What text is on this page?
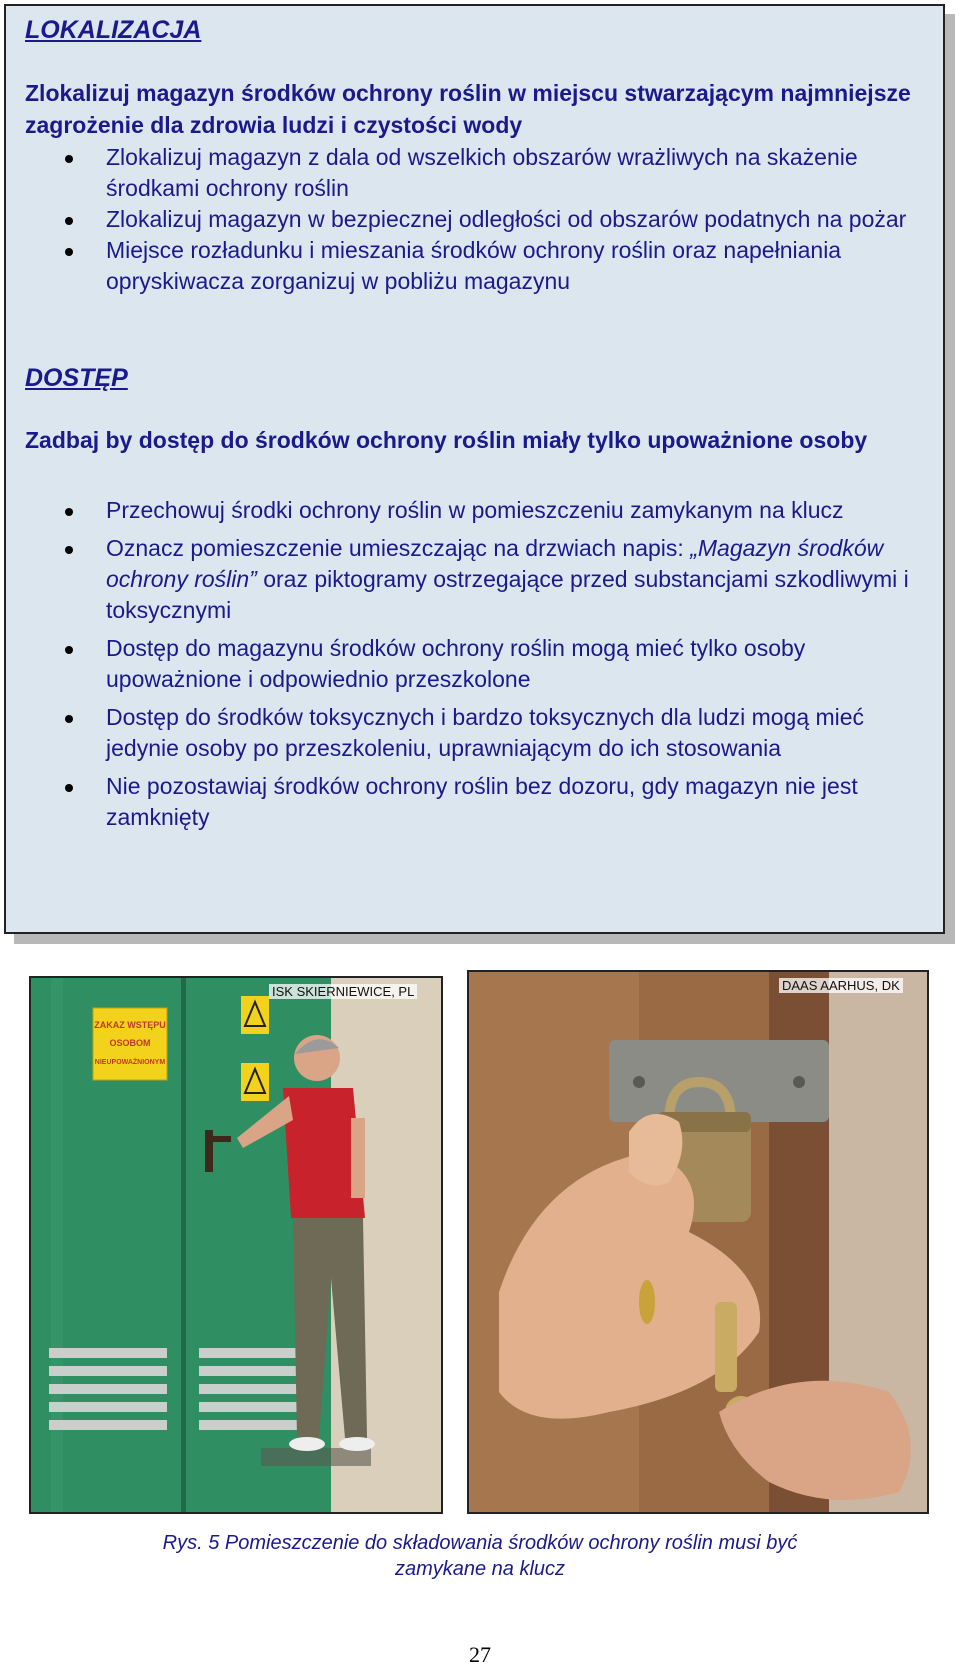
LOKALIZACJA
Zlokalizuj magazyn środków ochrony roślin w miejscu stwarzającym najmniejsze zagrożenie dla zdrowia ludzi i czystości wody
Zlokalizuj magazyn z dala od wszelkich obszarów wrażliwych na skażenie środkami ochrony roślin
Zlokalizuj magazyn w bezpiecznej odległości od obszarów podatnych na pożar
Miejsce rozładunku i mieszania środków ochrony roślin oraz napełniania opryskiwacza zorganizuj w pobliżu magazynu
DOSTĘP
Zadbaj by dostęp do środków ochrony roślin miały tylko upoważnione osoby
Przechowuj środki ochrony roślin w pomieszczeniu zamykanym na klucz
Oznacz pomieszczenie umieszczając na drzwiach napis: „Magazyn środków ochrony roślin” oraz piktogramy ostrzegające przed substancjami szkodliwymi i toksycznymi
Dostęp do magazynu środków ochrony roślin mogą mieć tylko osoby upoważnione i odpowiednio przeszkolone
Dostęp do środków toksycznych i bardzo toksycznych dla ludzi mogą mieć jedynie osoby po przeszkoleniu, uprawniającym do ich stosowania
Nie pozostawiaj środków ochrony roślin bez dozoru, gdy magazyn nie jest zamknięty
ZAKAZ WSTĘPU
OSOBOM
NIEUPOWAŻNIONYM
ISK SKIERNIEWICE, PL	DAAS AARHUS, DK
Rys. 5 Pomieszczenie do składowania środków ochrony roślin musi być
zamykane na klucz
27
